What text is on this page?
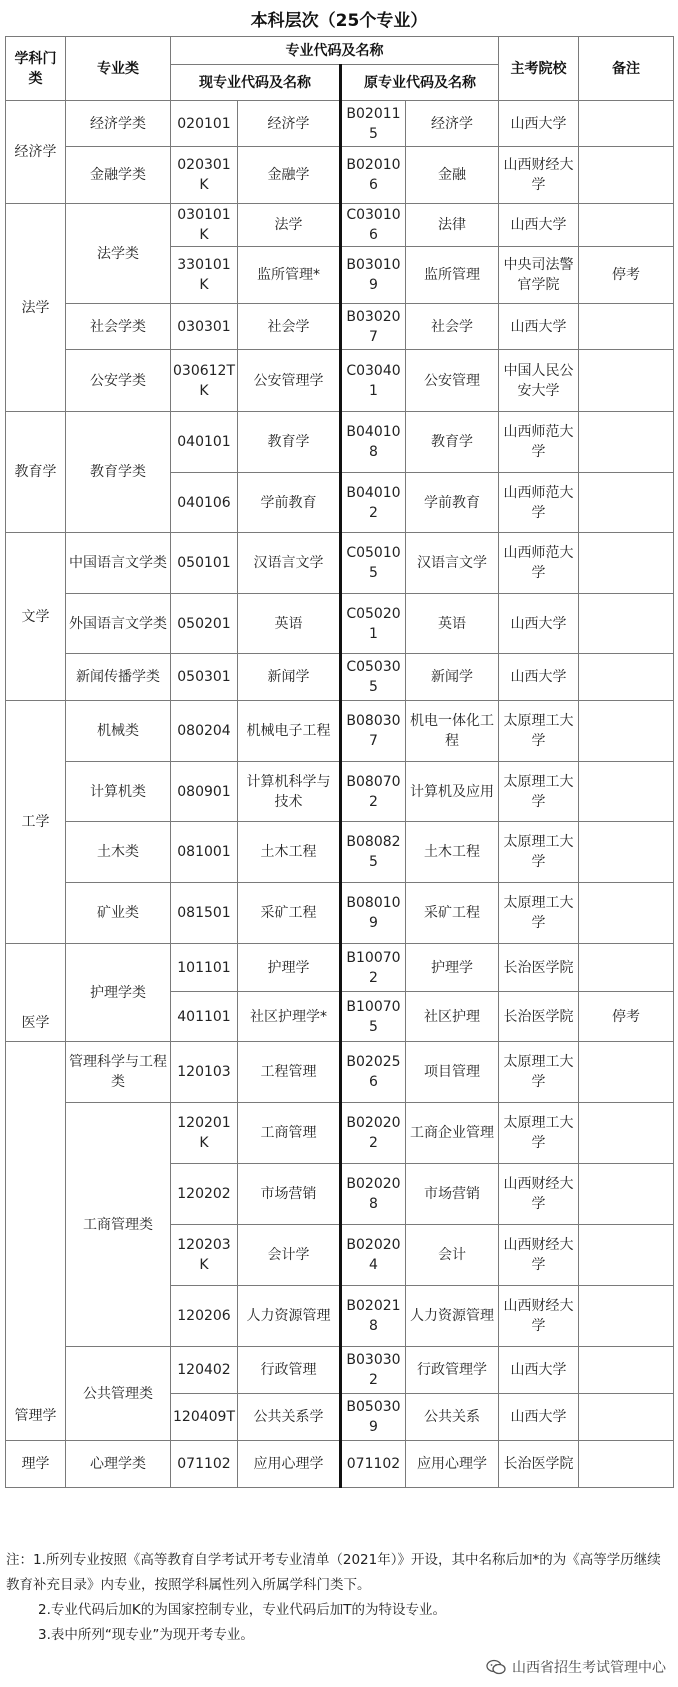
本科层次（25个专业）
学科门类	专业类	专业代码及名称				主考院校	备注
		现专业代码及名称		原专业代码及名称			
经济学	经济学类	020101	经济学	B020115	经济学	山西大学	
	金融学类	020301K	金融学	B020106	金融	山西财经大学	
法学	法学类	030101K	法学	C030106	法律	山西大学	
		330101K	监所管理*	B030109	监所管理	中央司法警官学院	停考
	社会学类	030301	社会学	B030207	社会学	山西大学	
	公安学类	030612TK	公安管理学	C030401	公安管理	中国人民公安大学	
教育学	教育学类	040101	教育学	B040108	教育学	山西师范大学	
		040106	学前教育	B040102	学前教育	山西师范大学	
文学	中国语言文学类	050101	汉语言文学	C050105	汉语言文学	山西师范大学	
	外国语言文学类	050201	英语	C050201	英语	山西大学	
	新闻传播学类	050301	新闻学	C050305	新闻学	山西大学	
工学	机械类	080204	机械电子工程	B080307	机电一体化工程	太原理工大学	
	计算机类	080901	计算机科学与技术	B080702	计算机及应用	太原理工大学	
	土木类	081001	土木工程	B080825	土木工程	太原理工大学	
	矿业类	081501	采矿工程	B080109	采矿工程	太原理工大学	
医学	护理学类	101101	护理学	B100702	护理学	长治医学院	
		401101	社区护理学*	B100705	社区护理	长治医学院	停考
管理学	管理科学与工程类	120103	工程管理	B020256	项目管理	太原理工大学	
	工商管理类	120201K	工商管理	B020202	工商企业管理	太原理工大学	
		120202	市场营销	B020208	市场营销	山西财经大学	
		120203K	会计学	B020204	会计	山西财经大学	
		120206	人力资源管理	B020218	人力资源管理	山西财经大学	
	公共管理类	120402	行政管理	B030302	行政管理学	山西大学	
		120409T	公共关系学	B050309	公共关系	山西大学	
理学	心理学类	071102	应用心理学	071102	应用心理学	长治医学院	

注：1.所列专业按照《高等教育自学考试开考专业清单（2021年）》开设，其中名称后加*的为《高等学历继续教育补充目录》内专业，按照学科属性列入所属学科门类下。

2.专业代码后加K的为国家控制专业，专业代码后加T的为特设专业。

3.表中所列“现专业”为现开考专业。

山西省招生考试管理中心
